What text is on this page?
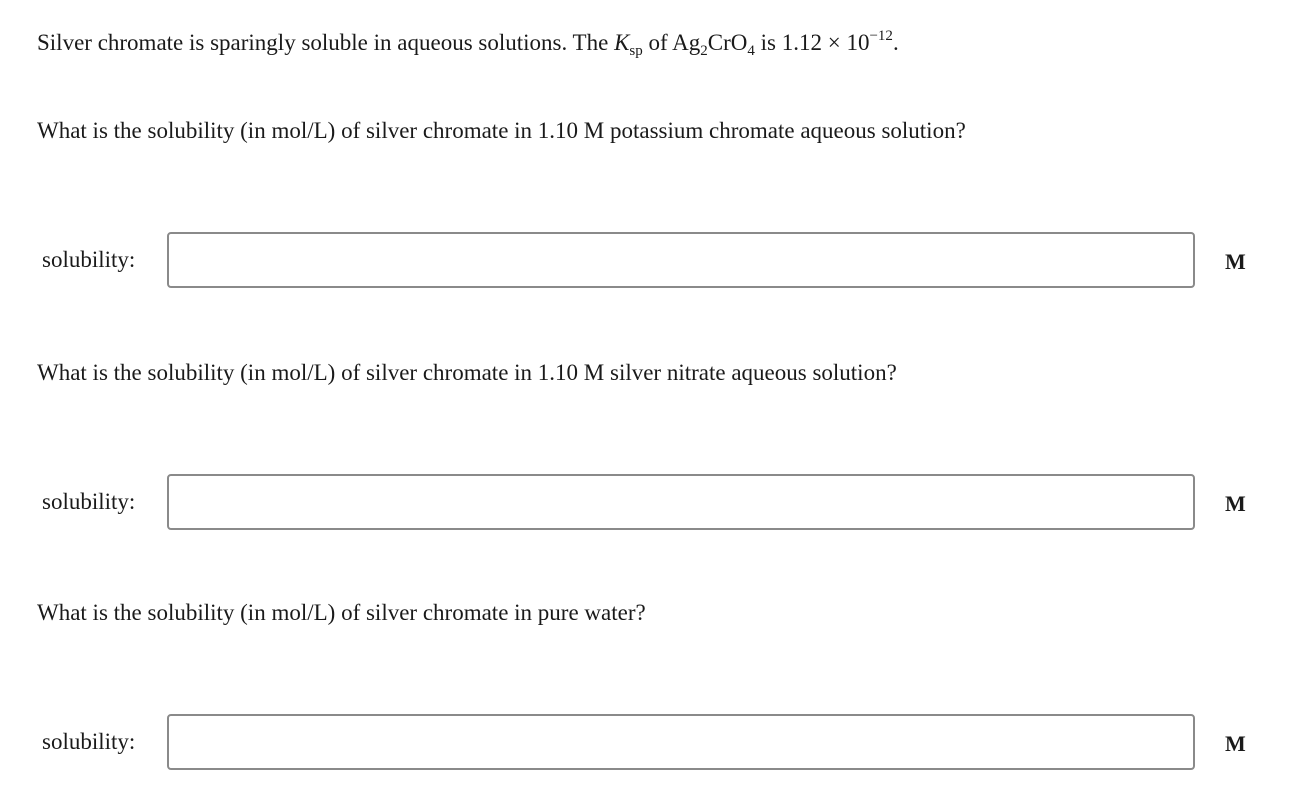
Silver chromate is sparingly soluble in aqueous solutions. The $K_{sp}$ of $Ag_2CrO_4$ is $1.12 \times 10^{-12}$.
What is the solubility (in mol/L) of silver chromate in 1.10 M potassium chromate aqueous solution?
solubility:	M
What is the solubility (in mol/L) of silver chromate in 1.10 M silver nitrate aqueous solution?
solubility:	M
What is the solubility (in mol/L) of silver chromate in pure water?
solubility:	M
